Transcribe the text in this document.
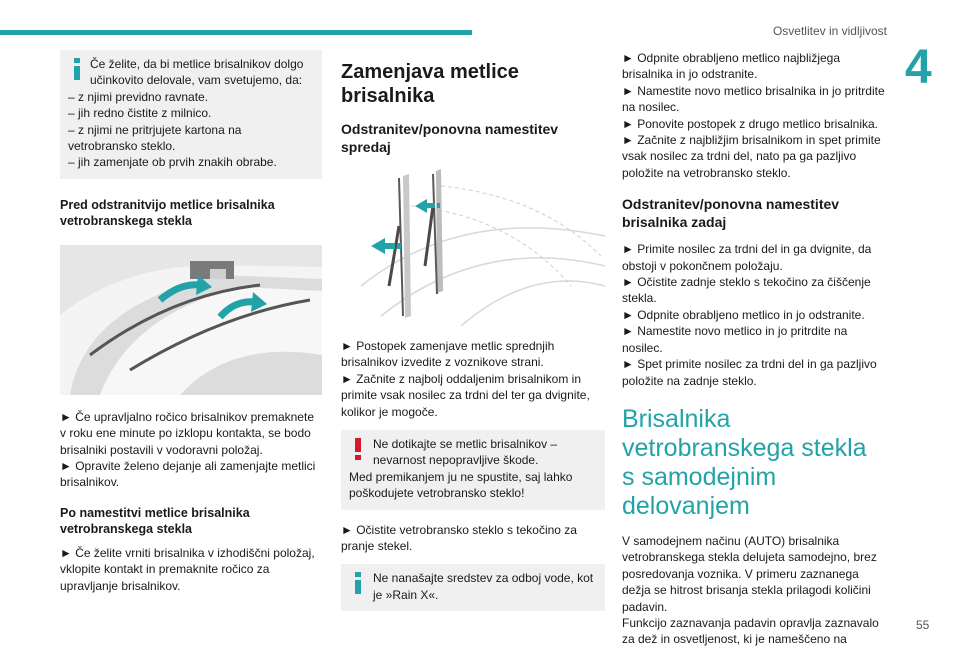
Osvetlitev in vidljivost
4
55

Če želite, da bi metlice brisalnikov dolgo učinkovito delovale, vam svetujemo, da:

– z njimi previdno ravnate.

– jih redno čistite z milnico.

– z njimi ne pritrjujete kartona na vetrobransko steklo.

– jih zamenjate ob prvih znakih obrabe.

Pred odstranitvijo metlice brisalnika vetrobranskega stekla

► Če upravljalno ročico brisalnikov premaknete v roku ene minute po izklopu kontakta, se bodo brisalniki postavili v vodoravni položaj.

► Opravite želeno dejanje ali zamenjajte metlici brisalnikov.

Po namestitvi metlice brisalnika vetrobranskega stekla

► Če želite vrniti brisalnika v izhodiščni položaj, vklopite kontakt in premaknite ročico za upravljanje brisalnikov.

Zamenjava metlice brisalnika
Odstranitev/ponovna namestitev spredaj

► Postopek zamenjave metlic sprednjih brisalnikov izvedite z voznikove strani.

► Začnite z najbolj oddaljenim brisalnikom in primite vsak nosilec za trdni del ter ga dvignite, kolikor je mogoče.

Ne dotikajte se metlic brisalnikov – nevarnost nepopravljive škode.

Med premikanjem ju ne spustite, saj lahko poškodujete vetrobransko steklo!

► Očistite vetrobransko steklo s tekočino za pranje stekel.

Ne nanašajte sredstev za odboj vode, kot je »Rain X«.

► Odpnite obrabljeno metlico najbližjega brisalnika in jo odstranite.

► Namestite novo metlico brisalnika in jo pritrdite na nosilec.

► Ponovite postopek z drugo metlico brisalnika.

► Začnite z najbližjim brisalnikom in spet primite vsak nosilec za trdni del, nato pa ga pazljivo položite na vetrobransko steklo.

Odstranitev/ponovna namestitev brisalnika zadaj

► Primite nosilec za trdni del in ga dvignite, da obstoji v pokončnem položaju.

► Očistite zadnje steklo s tekočino za čiščenje stekla.

► Odpnite obrabljeno metlico in jo odstranite.

► Namestite novo metlico in jo pritrdite na nosilec.

► Spet primite nosilec za trdni del in ga pazljivo položite na zadnje steklo.

Brisalnika vetrobranskega stekla s samodejnim delovanjem

V samodejnem načinu (AUTO) brisalnika vetrobranskega stekla delujeta samodejno, brez posredovanja voznika. V primeru zaznanega dežja se hitrost brisanja stekla prilagodi količini padavin.

Funkcijo zaznavanja padavin opravlja zaznavalo za dež in osvetljenost, ki je nameščeno na
